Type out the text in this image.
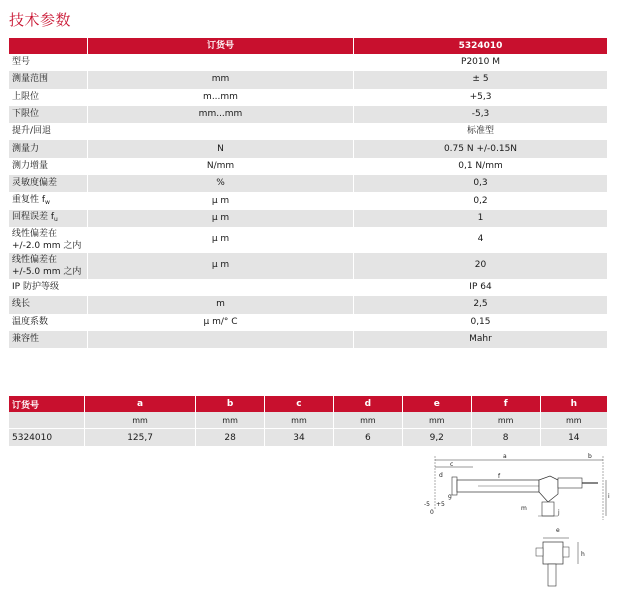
技术参数
	订货号	5324010
型号		P2010 M
测量范围	mm	± 5
上限位	m...mm	+5,3
下限位	mm...mm	-5,3
提升/回退		标准型
测量力	N	0.75 N +/-0.15N
测力增量	N/mm	0,1 N/mm
灵敏度偏差	%	0,3
重复性 $f_w$	μ m	0,2
回程误差 $f_u$	μ m	1

线性偏差在
+/-2.0 mm 之内	μ m	4

线性偏差在
+/-5.0 mm 之内	μ m	20
IP 防护等级		IP 64
线长	m	2,5
温度系数	μ m/° C	0,15
兼容性		Mahr
订货号	a	b	c	d	e	f	h
	mm	mm	mm	mm	mm	mm	mm

5324010	125,7	28	34	6	9,2	8	14
a	b
c
d
e
f
g
h
i
j
m
-5 +5
0
